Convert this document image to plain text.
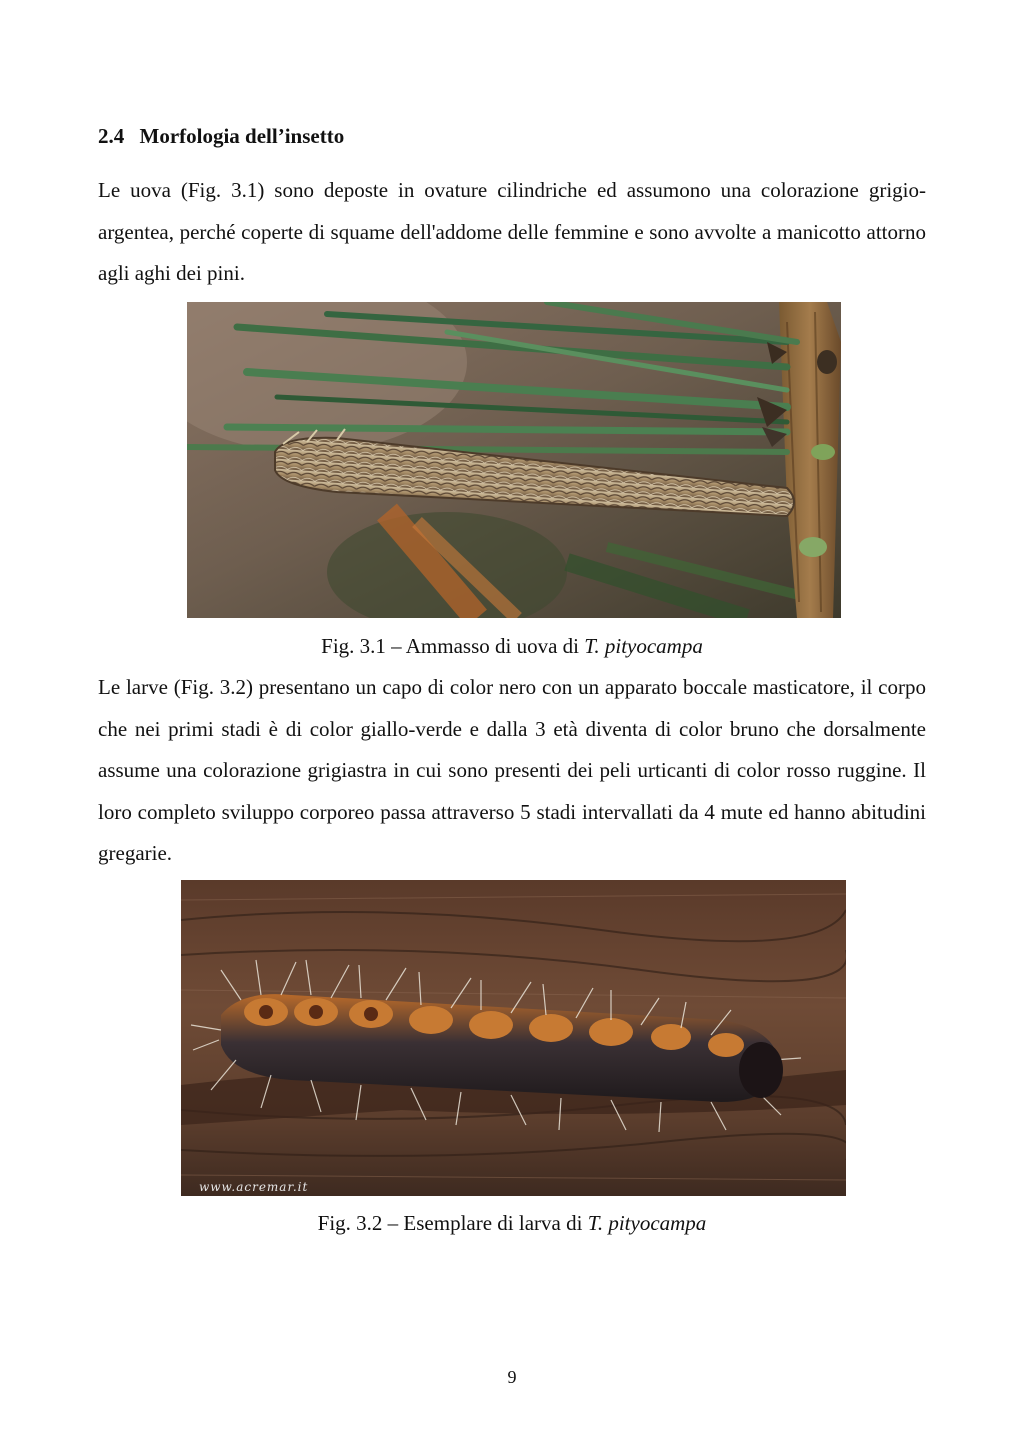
2.4 Morfologia dell’insetto

Le uova (Fig. 3.1) sono deposte in ovature cilindriche ed assumono una colorazione grigio-argentea, perché coperte di squame dell'addome delle femmine e sono avvolte a manicotto attorno agli aghi dei pini.

Fig. 3.1 – Ammasso di uova di T. pityocampa

Le larve (Fig. 3.2) presentano un capo di color nero con un apparato boccale masticatore, il corpo che nei primi stadi è di color giallo-verde e dalla 3 età diventa di color bruno che dorsalmente assume una colorazione grigiastra in cui sono presenti dei peli urticanti di color rosso ruggine. Il loro completo sviluppo corporeo passa attraverso 5 stadi intervallati da 4 mute ed hanno abitudini gregarie.

www.acremar.it

Fig. 3.2 – Esemplare di larva di T. pityocampa

9
